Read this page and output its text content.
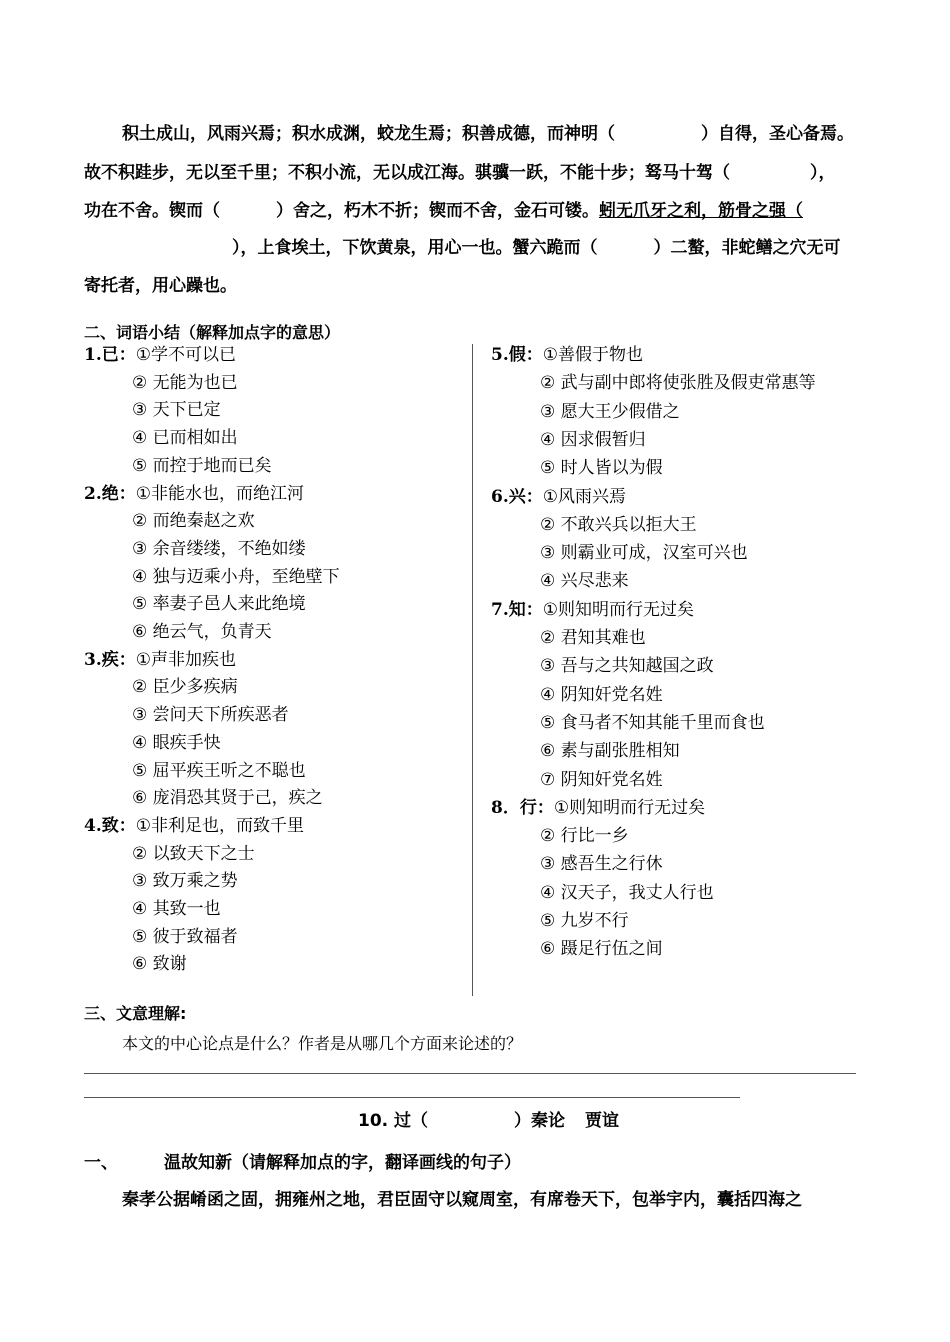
积土成山，风雨兴焉；积水成渊，蛟龙生焉；积善成德，而神明（	）自得，圣心备焉。
故不积跬步，无以至千里；不积小流，无以成江海。骐骥一跃，不能十步；驽马十驾（	），
功在不舍。锲而（	）舍之，朽木不折；锲而不舍，金石可镂。蚓无爪牙之利，筋骨之强（
），上食埃土，下饮黄泉，用心一也。蟹六跪而（	）二螯，非蛇鳝之穴无可
寄托者，用心躁也。
二、词语小结（解释加点字的意思）
1.已：①学不可以已
② 无能为也已
③ 天下已定
④ 已而相如出
⑤ 而控于地而已矣
2.绝：①非能水也，而绝江河
② 而绝秦赵之欢
③ 余音缕缕，不绝如缕
④ 独与迈乘小舟，至绝壁下
⑤ 率妻子邑人来此绝境
⑥ 绝云气，负青天
3.疾：①声非加疾也
② 臣少多疾病
③ 尝问天下所疾恶者
④ 眼疾手快
⑤ 屈平疾王听之不聪也
⑥ 庞涓恐其贤于己，疾之
4.致：①非利足也，而致千里
② 以致天下之士
③ 致万乘之势
④ 其致一也
⑤ 彼于致福者
⑥ 致谢
5.假：①善假于物也
② 武与副中郎将使张胜及假吏常惠等
③ 愿大王少假借之
④ 因求假暂归
⑤ 时人皆以为假
6.兴：①风雨兴焉
② 不敢兴兵以拒大王
③ 则霸业可成，汉室可兴也
④ 兴尽悲来
7.知：①则知明而行无过矣
② 君知其难也
③ 吾与之共知越国之政
④ 阴知奸党名姓
⑤ 食马者不知其能千里而食也
⑥ 素与副张胜相知
⑦ 阴知奸党名姓
8．行：①则知明而行无过矣
② 行比一乡
③ 感吾生之行休
④ 汉天子，我丈人行也
⑤ 九岁不行
⑥ 蹑足行伍之间
三、文意理解:
本文的中心论点是什么？作者是从哪几个方面来论述的？
10. 过（	）秦论 贾谊
一、	温故知新（请解释加点的字，翻译画线的句子）
秦孝公据崤函之固，拥雍州之地，君臣固守以窥周室，有席卷天下，包举宇内，囊括四海之
